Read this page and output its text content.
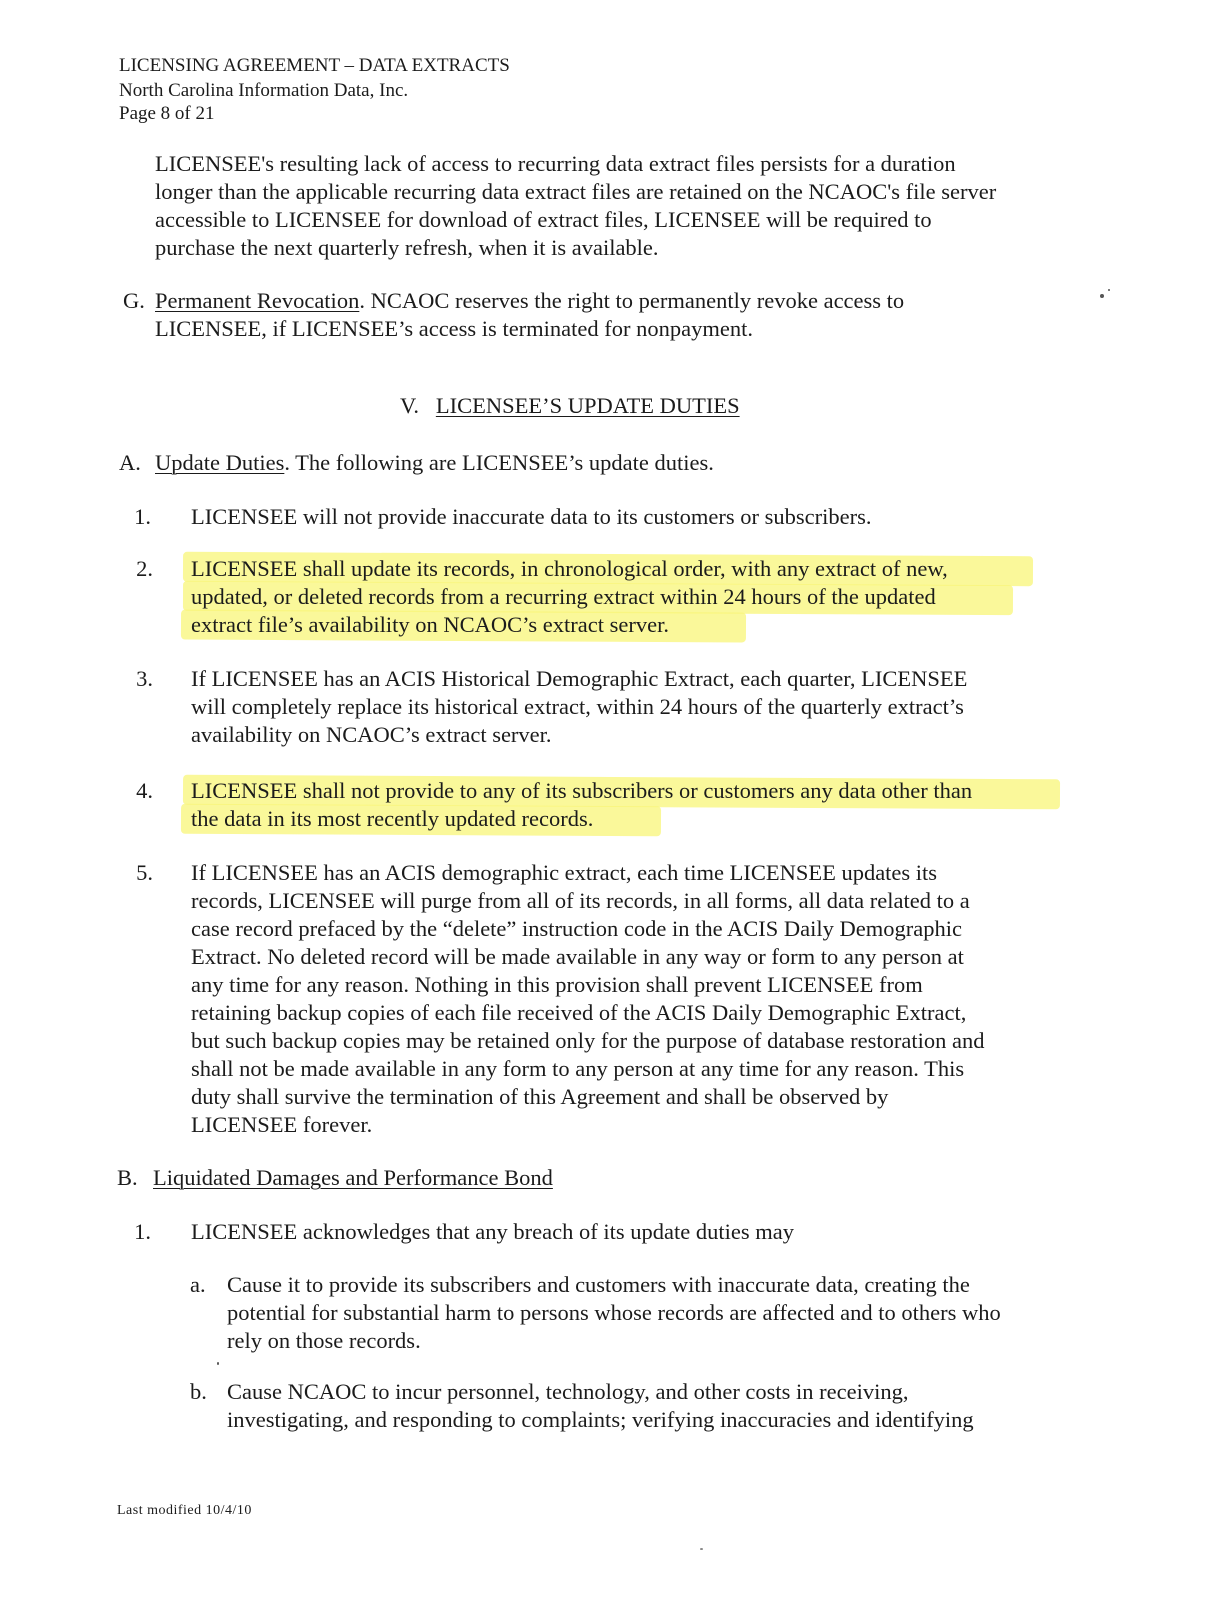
LICENSING AGREEMENT – DATA EXTRACTS
North Carolina Information Data, Inc.
Page 8 of 21
LICENSEE's resulting lack of access to recurring data extract files persists for a duration
longer than the applicable recurring data extract files are retained on the NCAOC's file server
accessible to LICENSEE for download of extract files, LICENSEE will be required to
purchase the next quarterly refresh, when it is available.
G. Permanent Revocation. NCAOC reserves the right to permanently revoke access to
LICENSEE, if LICENSEE’s access is terminated for nonpayment.
V. LICENSEE’S UPDATE DUTIES
A. Update Duties. The following are LICENSEE’s update duties.
1. LICENSEE will not provide inaccurate data to its customers or subscribers.
2. LICENSEE shall update its records, in chronological order, with any extract of new,
updated, or deleted records from a recurring extract within 24 hours of the updated
extract file’s availability on NCAOC’s extract server.
3. If LICENSEE has an ACIS Historical Demographic Extract, each quarter, LICENSEE
will completely replace its historical extract, within 24 hours of the quarterly extract’s
availability on NCAOC’s extract server.
4. LICENSEE shall not provide to any of its subscribers or customers any data other than
the data in its most recently updated records.
5. If LICENSEE has an ACIS demographic extract, each time LICENSEE updates its
records, LICENSEE will purge from all of its records, in all forms, all data related to a
case record prefaced by the “delete” instruction code in the ACIS Daily Demographic
Extract. No deleted record will be made available in any way or form to any person at
any time for any reason. Nothing in this provision shall prevent LICENSEE from
retaining backup copies of each file received of the ACIS Daily Demographic Extract,
but such backup copies may be retained only for the purpose of database restoration and
shall not be made available in any form to any person at any time for any reason. This
duty shall survive the termination of this Agreement and shall be observed by
LICENSEE forever.
B. Liquidated Damages and Performance Bond
1. LICENSEE acknowledges that any breach of its update duties may
a. Cause it to provide its subscribers and customers with inaccurate data, creating the
potential for substantial harm to persons whose records are affected and to others who
rely on those records.
b. Cause NCAOC to incur personnel, technology, and other costs in receiving,
investigating, and responding to complaints; verifying inaccuracies and identifying
Last modified 10/4/10
